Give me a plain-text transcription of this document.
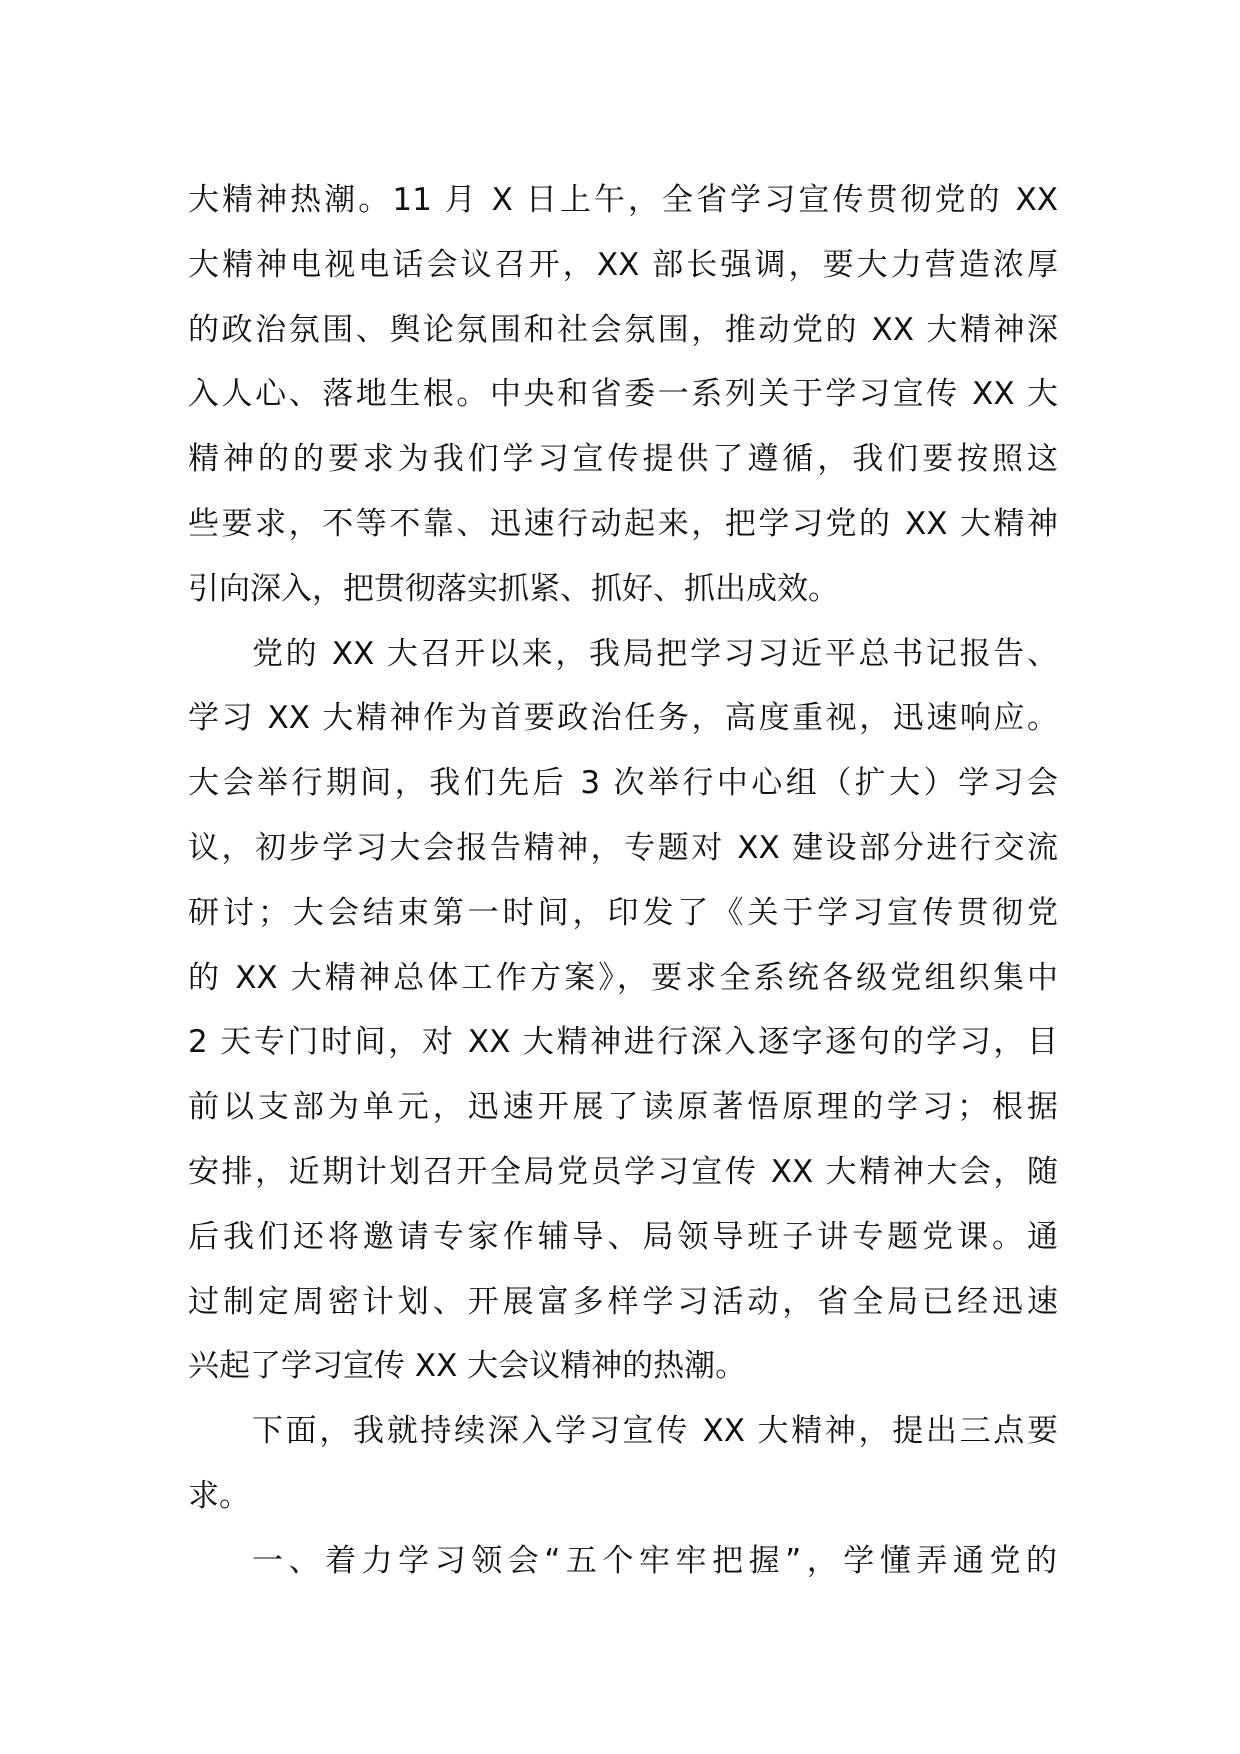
大精神热潮。11 月 X 日上午，全省学习宣传贯彻党的 XX
大精神电视电话会议召开，XX 部长强调，要大力营造浓厚
的政治氛围、舆论氛围和社会氛围，推动党的 XX 大精神深
入人心、落地生根。中央和省委一系列关于学习宣传 XX 大
精神的的要求为我们学习宣传提供了遵循，我们要按照这
些要求，不等不靠、迅速行动起来，把学习党的 XX 大精神
引向深入，把贯彻落实抓紧、抓好、抓出成效。
党的 XX 大召开以来，我局把学习习近平总书记报告、
学习 XX 大精神作为首要政治任务，高度重视，迅速响应。
大会举行期间，我们先后 3 次举行中心组（扩大）学习会
议，初步学习大会报告精神，专题对 XX 建设部分进行交流
研讨；大会结束第一时间，印发了《关于学习宣传贯彻党
的 XX 大精神总体工作方案》，要求全系统各级党组织集中
2 天专门时间，对 XX 大精神进行深入逐字逐句的学习，目
前以支部为单元，迅速开展了读原著悟原理的学习；根据
安排，近期计划召开全局党员学习宣传 XX 大精神大会，随
后我们还将邀请专家作辅导、局领导班子讲专题党课。通
过制定周密计划、开展富多样学习活动，省全局已经迅速
兴起了学习宣传 XX 大会议精神的热潮。
下面，我就持续深入学习宣传 XX 大精神，提出三点要
求。
一、着力学习领会“五个牢牢把握”，学懂弄通党的
